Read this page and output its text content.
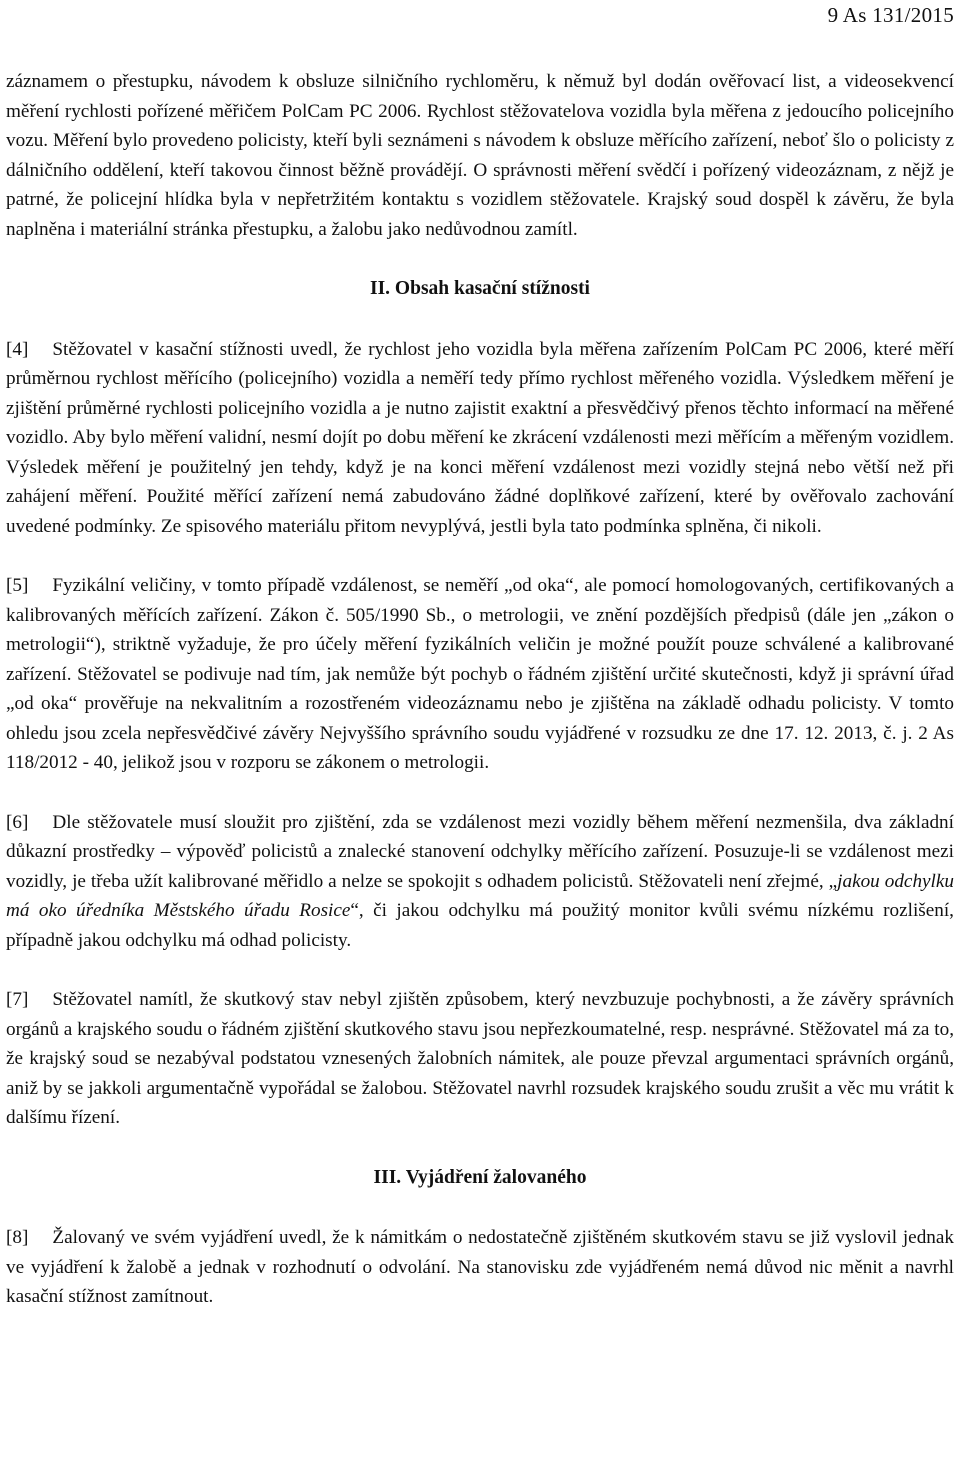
9 As 131/2015

záznamem o přestupku, návodem k obsluze silničního rychloměru, k němuž byl dodán ověřovací list, a videosekvencí měření rychlosti pořízené měřičem PolCam PC 2006. Rychlost stěžovatelova vozidla byla měřena z jedoucího policejního vozu. Měření bylo provedeno policisty, kteří byli seznámeni s návodem k obsluze měřícího zařízení, neboť šlo o policisty z dálničního oddělení, kteří takovou činnost běžně provádějí. O správnosti měření svědčí i pořízený videozáznam, z nějž je patrné, že policejní hlídka byla v nepřetržitém kontaktu s vozidlem stěžovatele. Krajský soud dospěl k závěru, že byla naplněna i materiální stránka přestupku, a žalobu jako nedůvodnou zamítl.

II. Obsah kasační stížnosti

[4] Stěžovatel v kasační stížnosti uvedl, že rychlost jeho vozidla byla měřena zařízením PolCam PC 2006, které měří průměrnou rychlost měřícího (policejního) vozidla a neměří tedy přímo rychlost měřeného vozidla. Výsledkem měření je zjištění průměrné rychlosti policejního vozidla a je nutno zajistit exaktní a přesvědčivý přenos těchto informací na měřené vozidlo. Aby bylo měření validní, nesmí dojít po dobu měření ke zkrácení vzdálenosti mezi měřícím a měřeným vozidlem. Výsledek měření je použitelný jen tehdy, když je na konci měření vzdálenost mezi vozidly stejná nebo větší než při zahájení měření. Použité měřící zařízení nemá zabudováno žádné doplňkové zařízení, které by ověřovalo zachování uvedené podmínky. Ze spisového materiálu přitom nevyplývá, jestli byla tato podmínka splněna, či nikoli.

[5] Fyzikální veličiny, v tomto případě vzdálenost, se neměří „od oka“, ale pomocí homologovaných, certifikovaných a kalibrovaných měřících zařízení. Zákon č. 505/1990 Sb., o metrologii, ve znění pozdějších předpisů (dále jen „zákon o metrologii“), striktně vyžaduje, že pro účely měření fyzikálních veličin je možné použít pouze schválené a kalibrované zařízení. Stěžovatel se podivuje nad tím, jak nemůže být pochyb o řádném zjištění určité skutečnosti, když ji správní úřad „od oka“ prověřuje na nekvalitním a rozostřeném videozáznamu nebo je zjištěna na základě odhadu policisty. V tomto ohledu jsou zcela nepřesvědčivé závěry Nejvyššího správního soudu vyjádřené v rozsudku ze dne 17. 12. 2013, č. j. 2 As 118/2012 - 40, jelikož jsou v rozporu se zákonem o metrologii.

[6] Dle stěžovatele musí sloužit pro zjištění, zda se vzdálenost mezi vozidly během měření nezmenšila, dva základní důkazní prostředky – výpověď policistů a znalecké stanovení odchylky měřícího zařízení. Posuzuje-li se vzdálenost mezi vozidly, je třeba užít kalibrované měřidlo a nelze se spokojit s odhadem policistů. Stěžovateli není zřejmé, „jakou odchylku má oko úředníka Městského úřadu Rosice“, či jakou odchylku má použitý monitor kvůli svému nízkému rozlišení, případně jakou odchylku má odhad policisty.

[7] Stěžovatel namítl, že skutkový stav nebyl zjištěn způsobem, který nevzbuzuje pochybnosti, a že závěry správních orgánů a krajského soudu o řádném zjištění skutkového stavu jsou nepřezkoumatelné, resp. nesprávné. Stěžovatel má za to, že krajský soud se nezabýval podstatou vznesených žalobních námitek, ale pouze převzal argumentaci správních orgánů, aniž by se jakkoli argumentačně vypořádal se žalobou. Stěžovatel navrhl rozsudek krajského soudu zrušit a věc mu vrátit k dalšímu řízení.

III. Vyjádření žalovaného

[8] Žalovaný ve svém vyjádření uvedl, že k námitkám o nedostatečně zjištěném skutkovém stavu se již vyslovil jednak ve vyjádření k žalobě a jednak v rozhodnutí o odvolání. Na stanovisku zde vyjádřeném nemá důvod nic měnit a navrhl kasační stížnost zamítnout.
